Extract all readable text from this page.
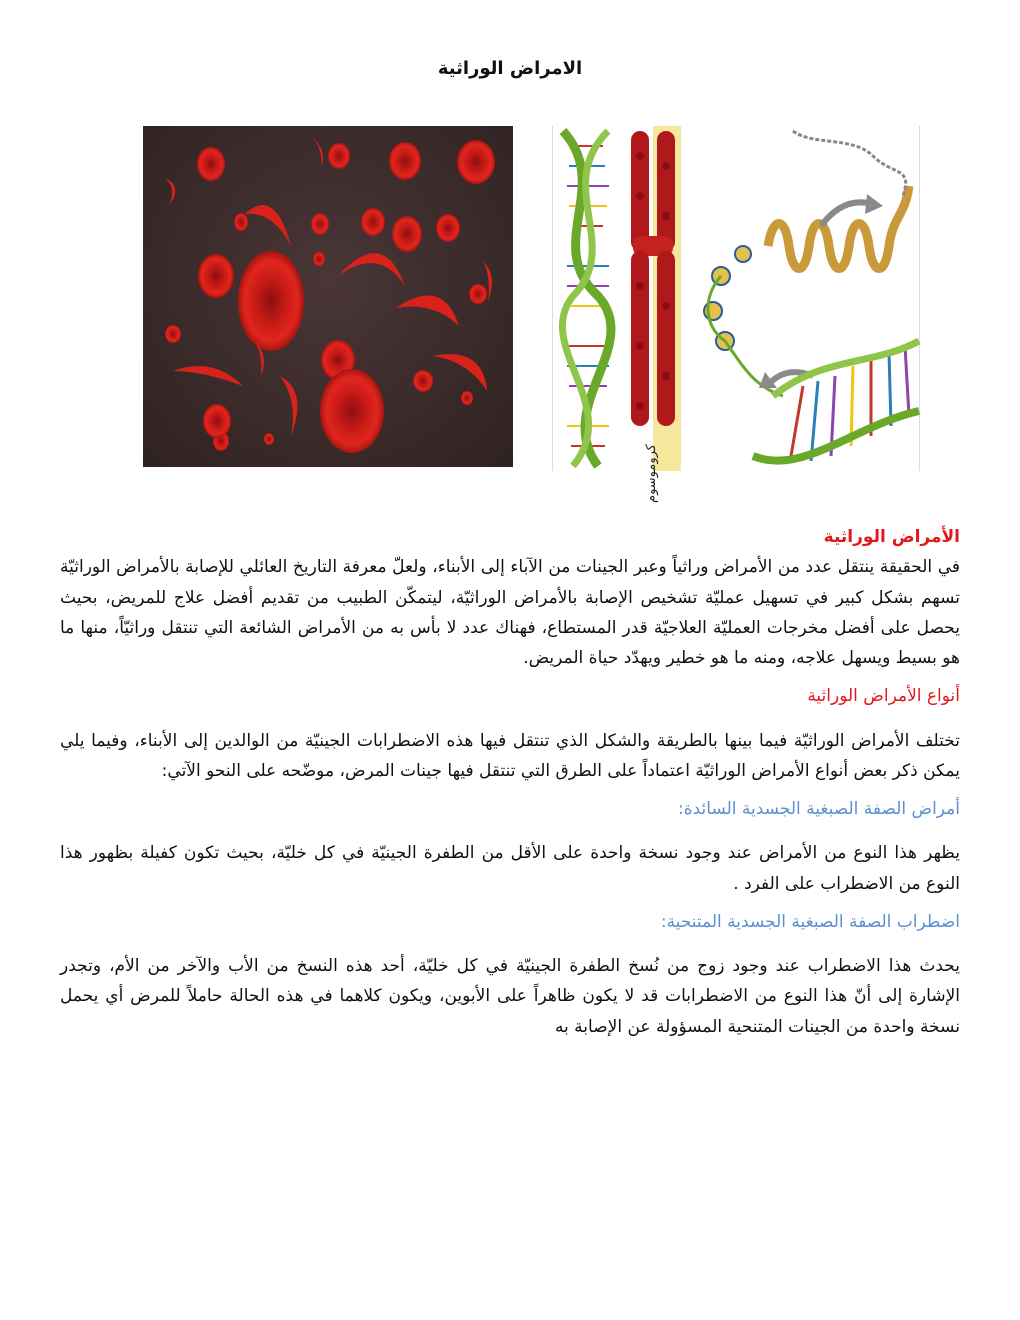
الامراض الوراثية
كروموسوم

الأمراض الوراثية

في الحقيقة ينتقل عدد من الأمراض وراثياً وعبر الجينات من الآباء إلى الأبناء، ولعلّ معرفة التاريخ العائلي للإصابة بالأمراض الوراثيّة تسهم بشكل كبير في تسهيل عمليّة تشخيص الإصابة بالأمراض الوراثيّة، ليتمكّن الطبيب من تقديم أفضل علاج للمريض، بحيث يحصل على أفضل مخرجات العمليّة العلاجيّة قدر المستطاع، فهناك عدد لا بأس به من الأمراض الشائعة التي تنتقل وراثيّاً، منها ما هو بسيط ويسهل علاجه، ومنه ما هو خطير ويهدّد حياة المريض.

أنواع الأمراض الوراثية

تختلف الأمراض الوراثيّة فيما بينها بالطريقة والشكل الذي تنتقل فيها هذه الاضطرابات الجينيّة من الوالدين إلى الأبناء، وفيما يلي يمكن ذكر بعض أنواع الأمراض الوراثيّة اعتماداً على الطرق التي تنتقل فيها جينات المرض، موضّحه على النحو الآتي:

أمراض الصفة الصبغية الجسدية السائدة:

يظهر هذا النوع من الأمراض عند وجود نسخة واحدة على الأقل من الطفرة الجينيّة في كل خليّة، بحيث تكون كفيلة بظهور هذا النوع من الاضطراب على الفرد .

اضطراب الصفة الصبغية الجسدية المتنحية:

يحدث هذا الاضطراب عند وجود زوج من نُسخ الطفرة الجينيّة في كل خليّة، أحد هذه النسخ من الأب والآخر من الأم، وتجدر الإشارة إلى أنّ هذا النوع من الاضطرابات قد لا يكون ظاهراً على الأبوين، ويكون كلاهما في هذه الحالة حاملاً للمرض أي يحمل نسخة واحدة من الجينات المتنحية المسؤولة عن الإصابة به
